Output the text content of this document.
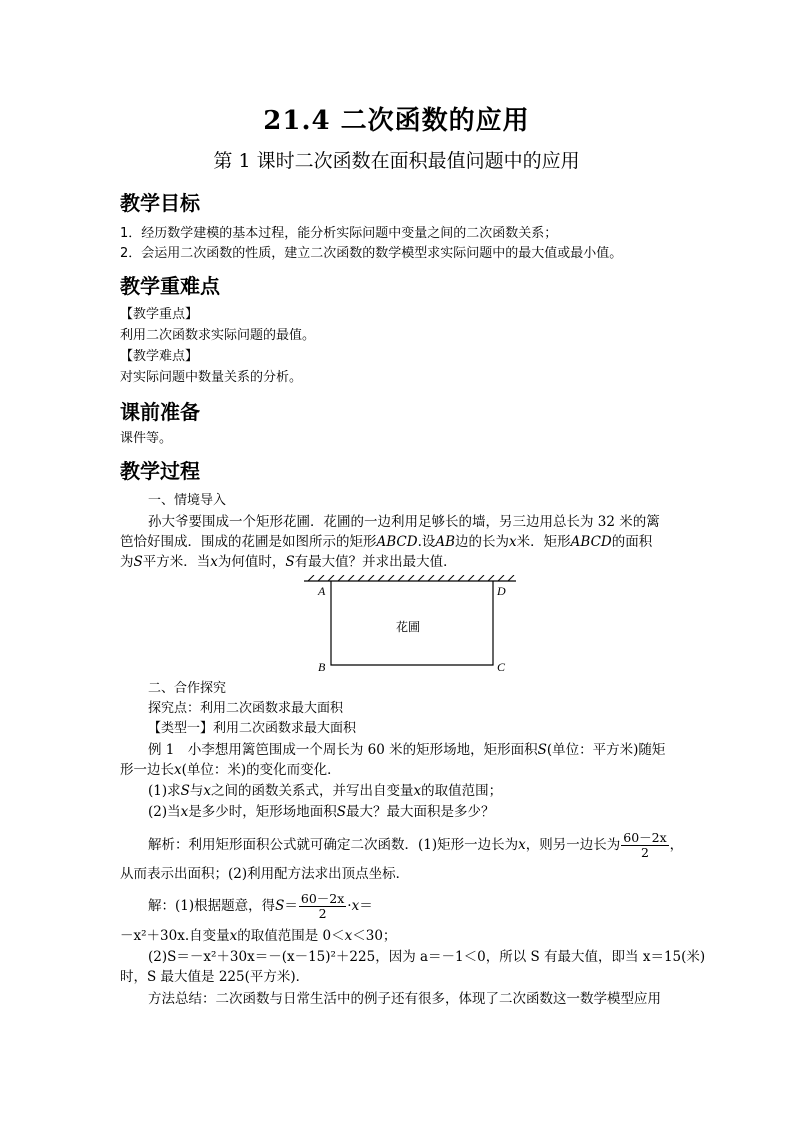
21.4 二次函数的应用
第 1 课时二次函数在面积最值问题中的应用
教学目标
1．经历数学建模的基本过程，能分析实际问题中变量之间的二次函数关系；
2．会运用二次函数的性质，建立二次函数的数学模型求实际问题中的最大值或最小值。
教学重难点
【教学重点】
利用二次函数求实际问题的最值。
【教学难点】
对实际问题中数量关系的分析。
课前准备
课件等。
教学过程
一、情境导入
孙大爷要围成一个矩形花圃．花圃的一边利用足够长的墙，另三边用总长为 32 米的篱
笆恰好围成．围成的花圃是如图所示的矩形ABCD.设AB边的长为x米．矩形ABCD的面积
为S平方米．当x为何值时，S有最大值？并求出最大值．
A	D
B	C
花圃
二、合作探究
探究点：利用二次函数求最大面积
【类型一】利用二次函数求最大面积
例 1　小李想用篱笆围成一个周长为 60 米的矩形场地，矩形面积S(单位：平方米)随矩
形一边长x(单位：米)的变化而变化．
(1)求S与x之间的函数关系式，并写出自变量x的取值范围；
(2)当x是多少时，矩形场地面积S最大？最大面积是多少？
解析：利用矩形面积公式就可确定二次函数．(1)矩形一边长为x，则另一边长为 $\frac{60-2x}{2}$ ，
从而表示出面积；(2)利用配方法求出顶点坐标．
解：(1)根据题意，得$S= \frac{60-2x}{2} \cdot x=$
－x²＋30x.自变量x的取值范围是 0＜x＜30；
(2)S＝－x²＋30x＝－(x－15)²＋225，因为 a＝－1＜0，所以 S 有最大值，即当 x＝15(米)
时，S 最大值是 225(平方米)．
方法总结：二次函数与日常生活中的例子还有很多，体现了二次函数这一数学模型应用
